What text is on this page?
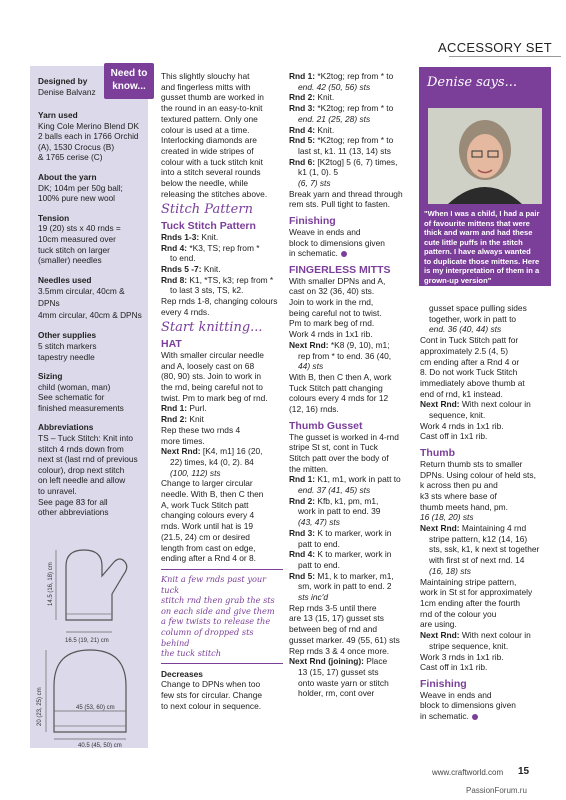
ACCESSORY SET
Need to know...
Designed by
Denise Balvanz
Yarn used
King Cole Merino Blend DK
2 balls each in 1766 Orchid
(A), 1530 Crocus (B)
& 1765 cerise (C)
About the yarn
DK; 104m per 50g ball;
100% pure new wool
Tension
19 (20) sts x 40 rnds =
10cm measured over
tuck stitch on larger
(smaller) needles
Needles used
3.5mm circular, 40cm &
DPNs
4mm circular, 40cm & DPNs
Other supplies
5 stitch markers
tapestry needle
Sizing
child (woman, man)
See schematic for
finished measurements
Abbreviations
TS – Tuck Stitch: Knit into
stitch 4 rnds down from
next st (last rnd of previous
colour), drop next stitch
on left needle and allow
to unravel.
See page 83 for all
other abbreviations
14.5 (16, 18) cm
16.5 (19, 21) cm
20 (23, 25) cm	45 (53, 60) cm
40.5 (45, 50) cm
This slightly slouchy hat
and fingerless mitts with
gusset thumb are worked in
the round in an easy-to-knit
textured pattern. Only one
colour is used at a time.
Interlocking diamonds are
created in wide stripes of
colour with a tuck stitch knit
into a stitch several rounds
below the needle, while
releasing the stitches above.
Stitch Pattern
Tuck Stitch Pattern
Rnds 1-3: Knit.
Rnd 4: *K3, TS; rep from *
to end.
Rnds 5 -7: Knit.
Rnd 8: K1, *TS, k3; rep from *
to last 3 sts, TS, k2.
Rep rnds 1-8, changing colours
every 4 rnds.
Start knitting...
HAT
With smaller circular needle
and A, loosely cast on 68
(80, 90) sts. Join to work in
the rnd, being careful not to
twist. Pm to mark beg of rnd.
Rnd 1: Purl.
Rnd 2: Knit
Rep these two rnds 4
more times.
Next Rnd: [K4, m1] 16 (20,
22) times, k4 (0, 2). 84
(100, 112) sts
Change to larger circular
needle. With B, then C then
A, work Tuck Stitch patt
changing colours every 4
rnds. Work until hat is 19
(21.5, 24) cm or desired
length from cast on edge,
ending after a Rnd 4 or 8.
Knit a few rnds past your tuck
stitch rnd then grab the sts
on each side and give them
a few twists to release the
column of dropped sts behind
the tuck stitch
Decreases
Change to DPNs when too
few sts for circular. Change
to next colour in sequence.
Rnd 1: *K2tog; rep from * to
end. 42 (50, 56) sts
Rnd 2: Knit.
Rnd 3: *K2tog; rep from * to
end. 21 (25, 28) sts
Rnd 4: Knit.
Rnd 5: *K2tog; rep from * to
last st, k1. 11 (13, 14) sts
Rnd 6: [K2tog] 5 (6, 7) times,
k1 (1, 0). 5
(6, 7) sts
Break yarn and thread through
rem sts. Pull tight to fasten.
Finishing
Weave in ends and
block to dimensions given
in schematic.
FINGERLESS MITTS
With smaller DPNs and A,
cast on 32 (36, 40) sts.
Join to work in the rnd,
being careful not to twist.
Pm to mark beg of rnd.
Work 4 rnds in 1x1 rib.
Next Rnd: *K8 (9, 10), m1;
rep from * to end. 36 (40,
44) sts
With B, then C then A, work
Tuck Stitch patt changing
colours every 4 rnds for 12
(12, 16) rnds.
Thumb Gusset
The gusset is worked in 4-rnd
stripe St st, cont in Tuck
Stitch patt over the body of
the mitten.
Rnd 1: K1, m1, work in patt to
end. 37 (41, 45) sts
Rnd 2: Kfb, k1, pm, m1,
work in patt to end. 39
(43, 47) sts
Rnd 3: K to marker, work in
patt to end.
Rnd 4: K to marker, work in
patt to end.
Rnd 5: M1, k to marker, m1,
sm, work in patt to end. 2
sts inc'd
Rep rnds 3-5 until there
are 13 (15, 17) gusset sts
between beg of rnd and
gusset marker. 49 (55, 61) sts
Rep rnds 3 & 4 once more.
Next Rnd (joining): Place
13 (15, 17) gusset sts
onto waste yarn or stitch
holder, rm, cont over
Denise says...
"When I was a child, I had a pair
of favourite mittens that were
thick and warm and had these
cute little puffs in the stitch
pattern. I have always wanted
to duplicate those mittens. Here
is my interpretation of them in a
grown-up version"
gusset space pulling sides
together, work in patt to
end. 36 (40, 44) sts
Cont in Tuck Stitch patt for
approximately 2.5 (4, 5)
cm ending after a Rnd 4 or
8. Do not work Tuck Stitch
immediately above thumb at
end of rnd, k1 instead.
Next Rnd: With next colour in
sequence, knit.
Work 4 rnds in 1x1 rib.
Cast off in 1x1 rib.
Thumb
Return thumb sts to smaller
DPNs. Using colour of held sts,
k across then pu and
k3 sts where base of
thumb meets hand, pm.
16 (18, 20) sts
Next Rnd: Maintaining 4 rnd
stripe pattern, k12 (14, 16)
sts, ssk, k1, k next st together
with first st of next rnd. 14
(16, 18) sts
Maintaining stripe pattern,
work in St st for approximately
1cm ending after the fourth
rnd of the colour you
are using.
Next Rnd: With next colour in
stripe sequence, knit.
Work 3 rnds in 1x1 rib.
Cast off in 1x1 rib.
Finishing
Weave in ends and
block to dimensions given
in schematic.
www.craftworld.com 15
PassionForum.ru
